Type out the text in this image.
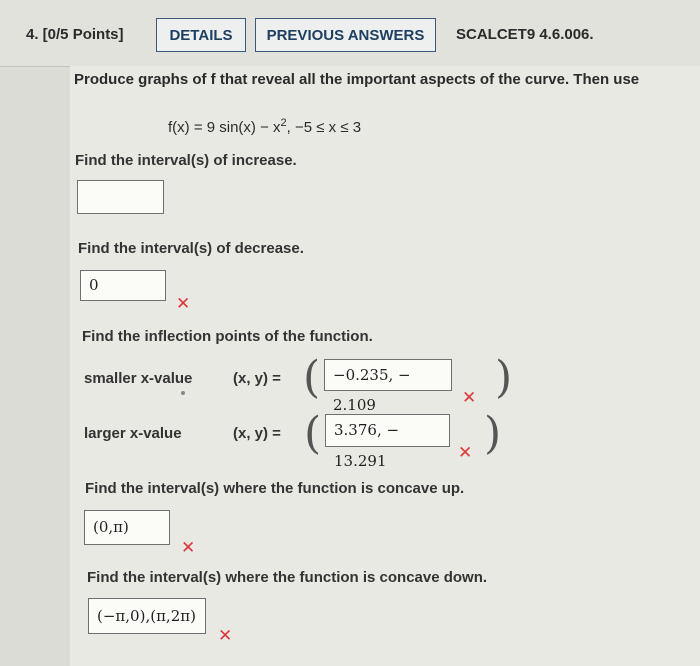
4. [0/5 Points]	DETAILS	PREVIOUS ANSWERS	SCALCET9 4.6.006.
Produce graphs of f that reveal all the important aspects of the curve. Then use
f(x) = 9 $\sin(x) - x^2$, −5 ≤ x ≤ 3
Find the interval(s) of increase.
Find the interval(s) of decrease.
0
✕
Find the inflection points of the function.
smaller x-value	(x, y) = ( −0.235, − 2.109	✕ )
larger x-value	(x, y) = ( 3.376, − 13.291	✕ )
Find the interval(s) where the function is concave up.
(0,π)
✕
Find the interval(s) where the function is concave down.
(−π,0),(π,2π)
✕
